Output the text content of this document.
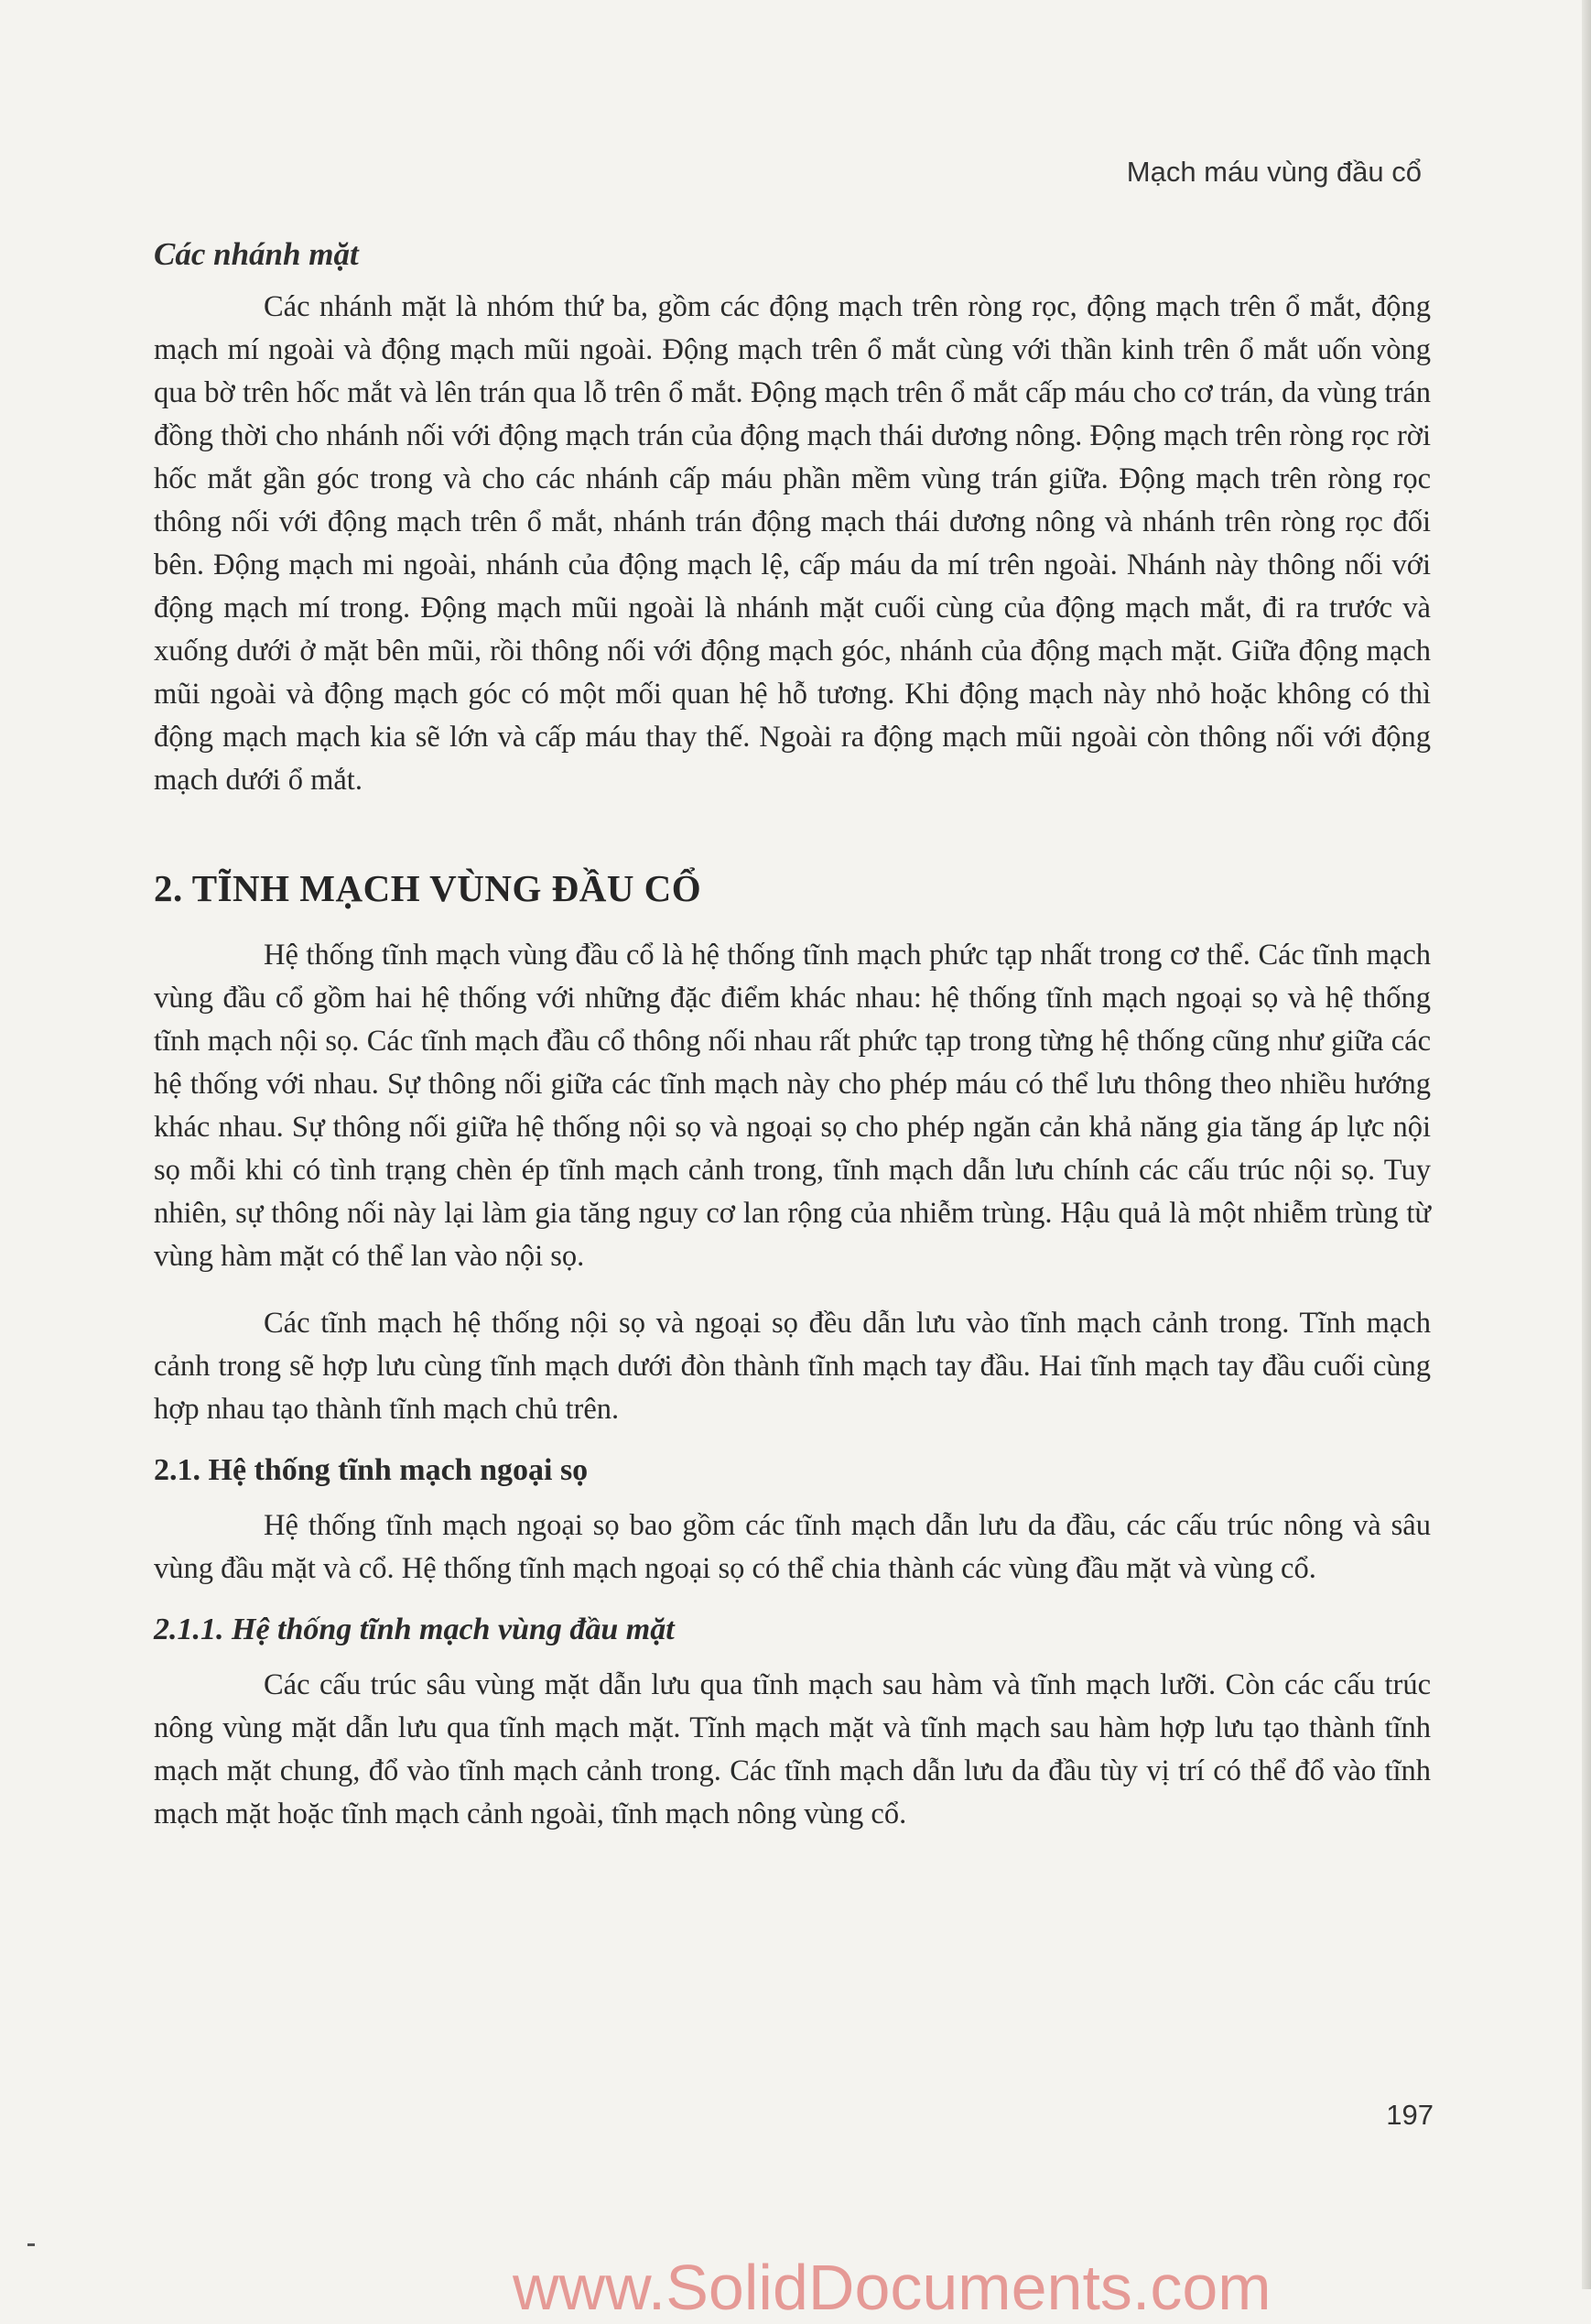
Mạch máu vùng đầu cổ
Các nhánh mặt

Các nhánh mặt là nhóm thứ ba, gồm các động mạch trên ròng rọc, động mạch trên ổ mắt, động mạch mí ngoài và động mạch mũi ngoài. Động mạch trên ổ mắt cùng với thần kinh trên ổ mắt uốn vòng qua bờ trên hốc mắt và lên trán qua lỗ trên ổ mắt. Động mạch trên ổ mắt cấp máu cho cơ trán, da vùng trán đồng thời cho nhánh nối với động mạch trán của động mạch thái dương nông. Động mạch trên ròng rọc rời hốc mắt gần góc trong và cho các nhánh cấp máu phần mềm vùng trán giữa. Động mạch trên ròng rọc thông nối với động mạch trên ổ mắt, nhánh trán động mạch thái dương nông và nhánh trên ròng rọc đối bên. Động mạch mi ngoài, nhánh của động mạch lệ, cấp máu da mí trên ngoài. Nhánh này thông nối với động mạch mí trong. Động mạch mũi ngoài là nhánh mặt cuối cùng của động mạch mắt, đi ra trước và xuống dưới ở mặt bên mũi, rồi thông nối với động mạch góc, nhánh của động mạch mặt. Giữa động mạch mũi ngoài và động mạch góc có một mối quan hệ hỗ tương. Khi động mạch này nhỏ hoặc không có thì động mạch mạch kia sẽ lớn và cấp máu thay thế. Ngoài ra động mạch mũi ngoài còn thông nối với động mạch dưới ổ mắt.

2. TĨNH MẠCH VÙNG ĐẦU CỔ

Hệ thống tĩnh mạch vùng đầu cổ là hệ thống tĩnh mạch phức tạp nhất trong cơ thể. Các tĩnh mạch vùng đầu cổ gồm hai hệ thống với những đặc điểm khác nhau: hệ thống tĩnh mạch ngoại sọ và hệ thống tĩnh mạch nội sọ. Các tĩnh mạch đầu cổ thông nối nhau rất phức tạp trong từng hệ thống cũng như giữa các hệ thống với nhau. Sự thông nối giữa các tĩnh mạch này cho phép máu có thể lưu thông theo nhiều hướng khác nhau. Sự thông nối giữa hệ thống nội sọ và ngoại sọ cho phép ngăn cản khả năng gia tăng áp lực nội sọ mỗi khi có tình trạng chèn ép tĩnh mạch cảnh trong, tĩnh mạch dẫn lưu chính các cấu trúc nội sọ. Tuy nhiên, sự thông nối này lại làm gia tăng nguy cơ lan rộng của nhiễm trùng. Hậu quả là một nhiễm trùng từ vùng hàm mặt có thể lan vào nội sọ.

Các tĩnh mạch hệ thống nội sọ và ngoại sọ đều dẫn lưu vào tĩnh mạch cảnh trong. Tĩnh mạch cảnh trong sẽ hợp lưu cùng tĩnh mạch dưới đòn thành tĩnh mạch tay đầu. Hai tĩnh mạch tay đầu cuối cùng hợp nhau tạo thành tĩnh mạch chủ trên.

2.1. Hệ thống tĩnh mạch ngoại sọ

Hệ thống tĩnh mạch ngoại sọ bao gồm các tĩnh mạch dẫn lưu da đầu, các cấu trúc nông và sâu vùng đầu mặt và cổ. Hệ thống tĩnh mạch ngoại sọ có thể chia thành các vùng đầu mặt và vùng cổ.

2.1.1. Hệ thống tĩnh mạch vùng đầu mặt

Các cấu trúc sâu vùng mặt dẫn lưu qua tĩnh mạch sau hàm và tĩnh mạch lưỡi. Còn các cấu trúc nông vùng mặt dẫn lưu qua tĩnh mạch mặt. Tĩnh mạch mặt và tĩnh mạch sau hàm hợp lưu tạo thành tĩnh mạch mặt chung, đổ vào tĩnh mạch cảnh trong. Các tĩnh mạch dẫn lưu da đầu tùy vị trí có thể đổ vào tĩnh mạch mặt hoặc tĩnh mạch cảnh ngoài, tĩnh mạch nông vùng cổ.

197
www.SolidDocuments.com
